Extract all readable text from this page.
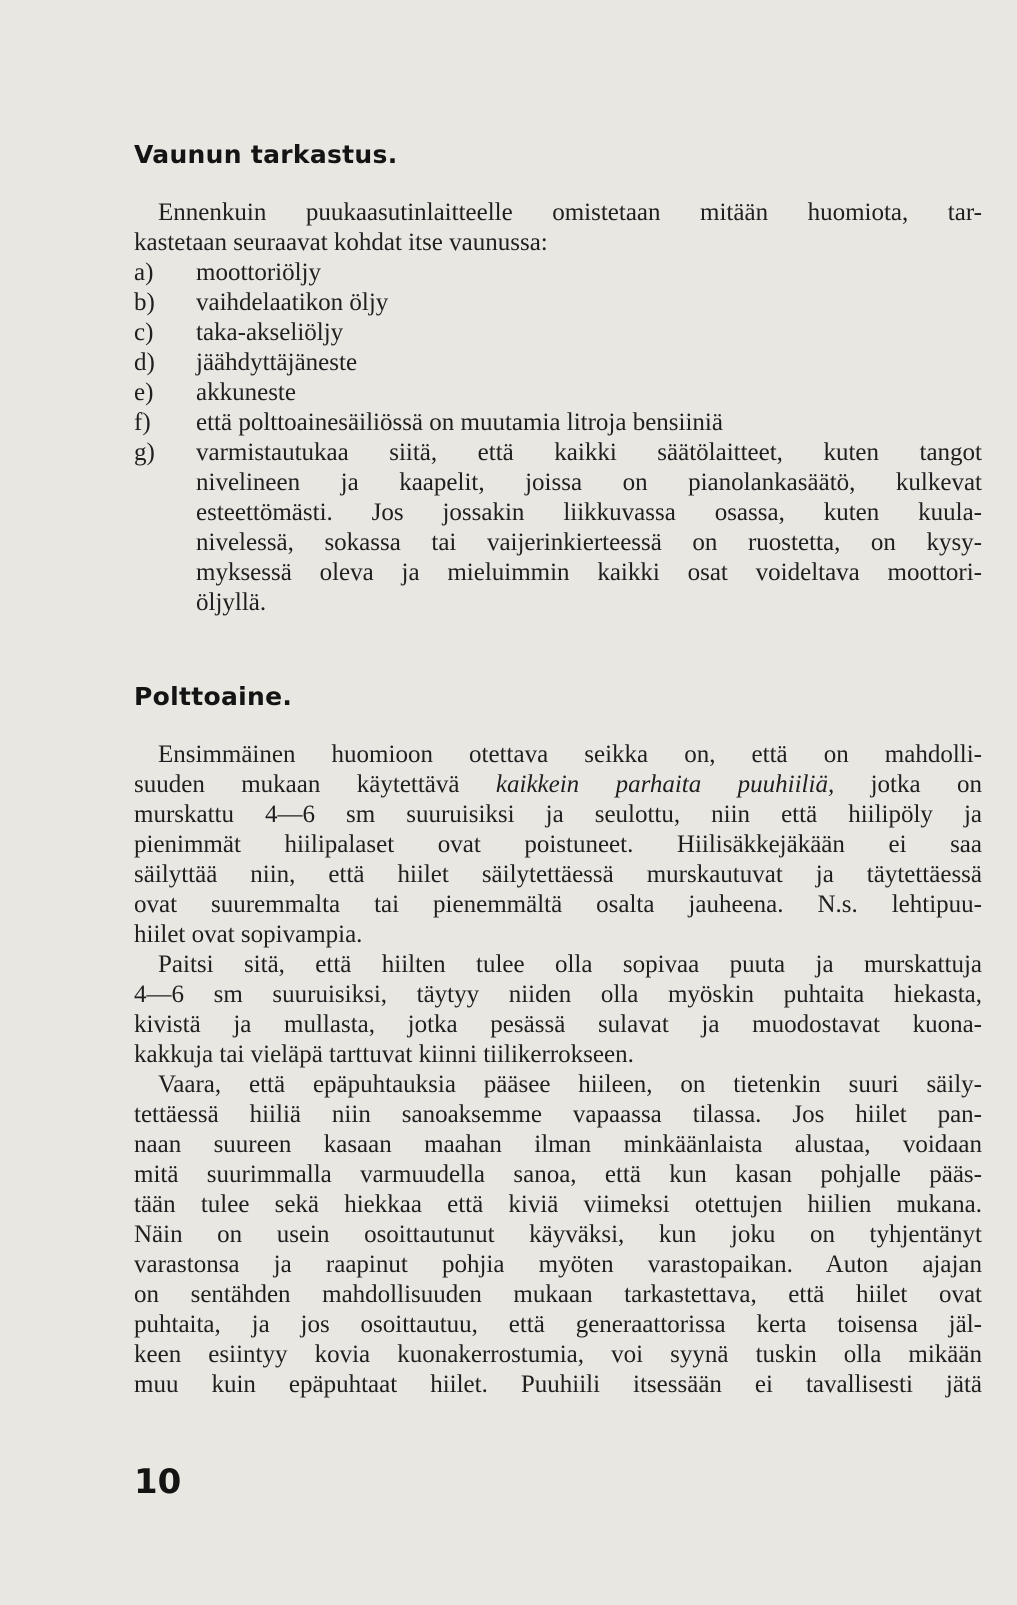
Vaunun tarkastus.
Ennenkuin puukaasutinlaitteelle omistetaan mitään huomiota, tar-
kastetaan seuraavat kohdat itse vaunussa:
a)	moottoriöljy
b)	vaihdelaatikon öljy
c)	taka-akseliöljy
d)	jäähdyttäjäneste
e)	akkuneste
f)	että polttoainesäiliössä on muutamia litroja bensiiniä
g)	varmistautukaa siitä, että kaikki säätölaitteet, kuten tangot
nivelineen ja kaapelit, joissa on pianolankasäätö, kulkevat
esteettömästi. Jos jossakin liikkuvassa osassa, kuten kuula-
nivelessä, sokassa tai vaijerinkierteessä on ruostetta, on kysy-
myksessä oleva ja mieluimmin kaikki osat voideltava moottori-
öljyllä.
Polttoaine.
Ensimmäinen huomioon otettava seikka on, että on mahdolli-
suuden mukaan käytettävä kaikkein parhaita puuhiiliä, jotka on
murskattu 4—6 sm suuruisiksi ja seulottu, niin että hiilipöly ja
pienimmät hiilipalaset ovat poistuneet. Hiilisäkkejäkään ei saa
säilyttää niin, että hiilet säilytettäessä murskautuvat ja täytettäessä
ovat suuremmalta tai pienemmältä osalta jauheena. N.s. lehtipuu-
hiilet ovat sopivampia.
Paitsi sitä, että hiilten tulee olla sopivaa puuta ja murskattuja
4—6 sm suuruisiksi, täytyy niiden olla myöskin puhtaita hiekasta,
kivistä ja mullasta, jotka pesässä sulavat ja muodostavat kuona-
kakkuja tai vieläpä tarttuvat kiinni tiilikerrokseen.
Vaara, että epäpuhtauksia pääsee hiileen, on tietenkin suuri säily-
tettäessä hiiliä niin sanoaksemme vapaassa tilassa. Jos hiilet pan-
naan suureen kasaan maahan ilman minkäänlaista alustaa, voidaan
mitä suurimmalla varmuudella sanoa, että kun kasan pohjalle pääs-
tään tulee sekä hiekkaa että kiviä viimeksi otettujen hiilien mukana.
Näin on usein osoittautunut käyväksi, kun joku on tyhjentänyt
varastonsa ja raapinut pohjia myöten varastopaikan. Auton ajajan
on sentähden mahdollisuuden mukaan tarkastettava, että hiilet ovat
puhtaita, ja jos osoittautuu, että generaattorissa kerta toisensa jäl-
keen esiintyy kovia kuonakerrostumia, voi syynä tuskin olla mikään
muu kuin epäpuhtaat hiilet. Puuhiili itsessään ei tavallisesti jätä
10
